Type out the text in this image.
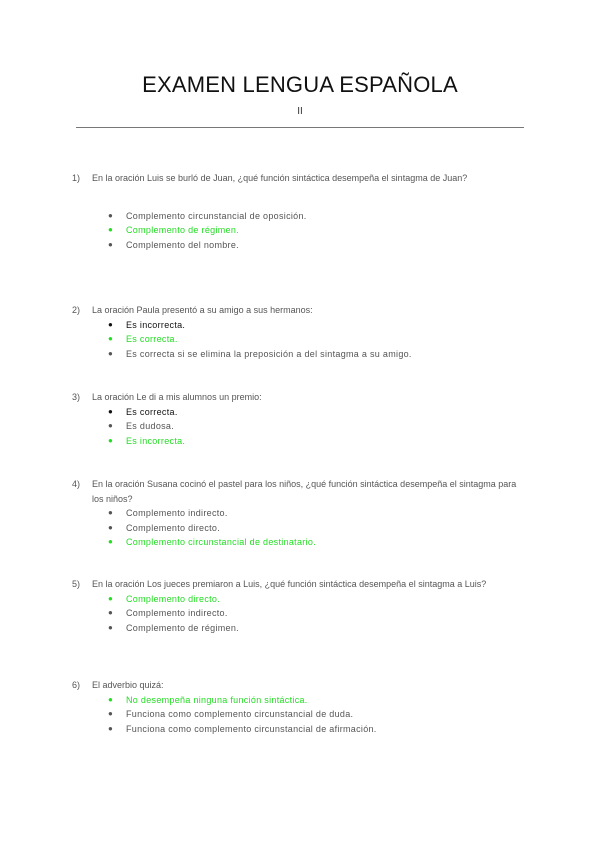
EXAMEN LENGUA ESPAÑOLA
II
1) En la oración Luis se burló de Juan, ¿qué función sintáctica desempeña el sintagma de Juan?
● Complemento circunstancial de oposición.
● Complemento de régimen.
● Complemento del nombre.
2) La oración Paula presentó a su amigo a sus hermanos:
● Es incorrecta.
● Es correcta.
● Es correcta si se elimina la preposición a del sintagma a su amigo.
3) La oración Le di a mis alumnos un premio:
● Es correcta.
● Es dudosa.
● Es incorrecta.
4) En la oración Susana cocinó el pastel para los niños, ¿qué función sintáctica desempeña el sintagma para los niños?
● Complemento indirecto.
● Complemento directo.
● Complemento circunstancial de destinatario.
5) En la oración Los jueces premiaron a Luis, ¿qué función sintáctica desempeña el sintagma a Luis?
● Complemento directo.
● Complemento indirecto.
● Complemento de régimen.
6) El adverbio quizá:
● No desempeña ninguna función sintáctica.
● Funciona como complemento circunstancial de duda.
● Funciona como complemento circunstancial de afirmación.
